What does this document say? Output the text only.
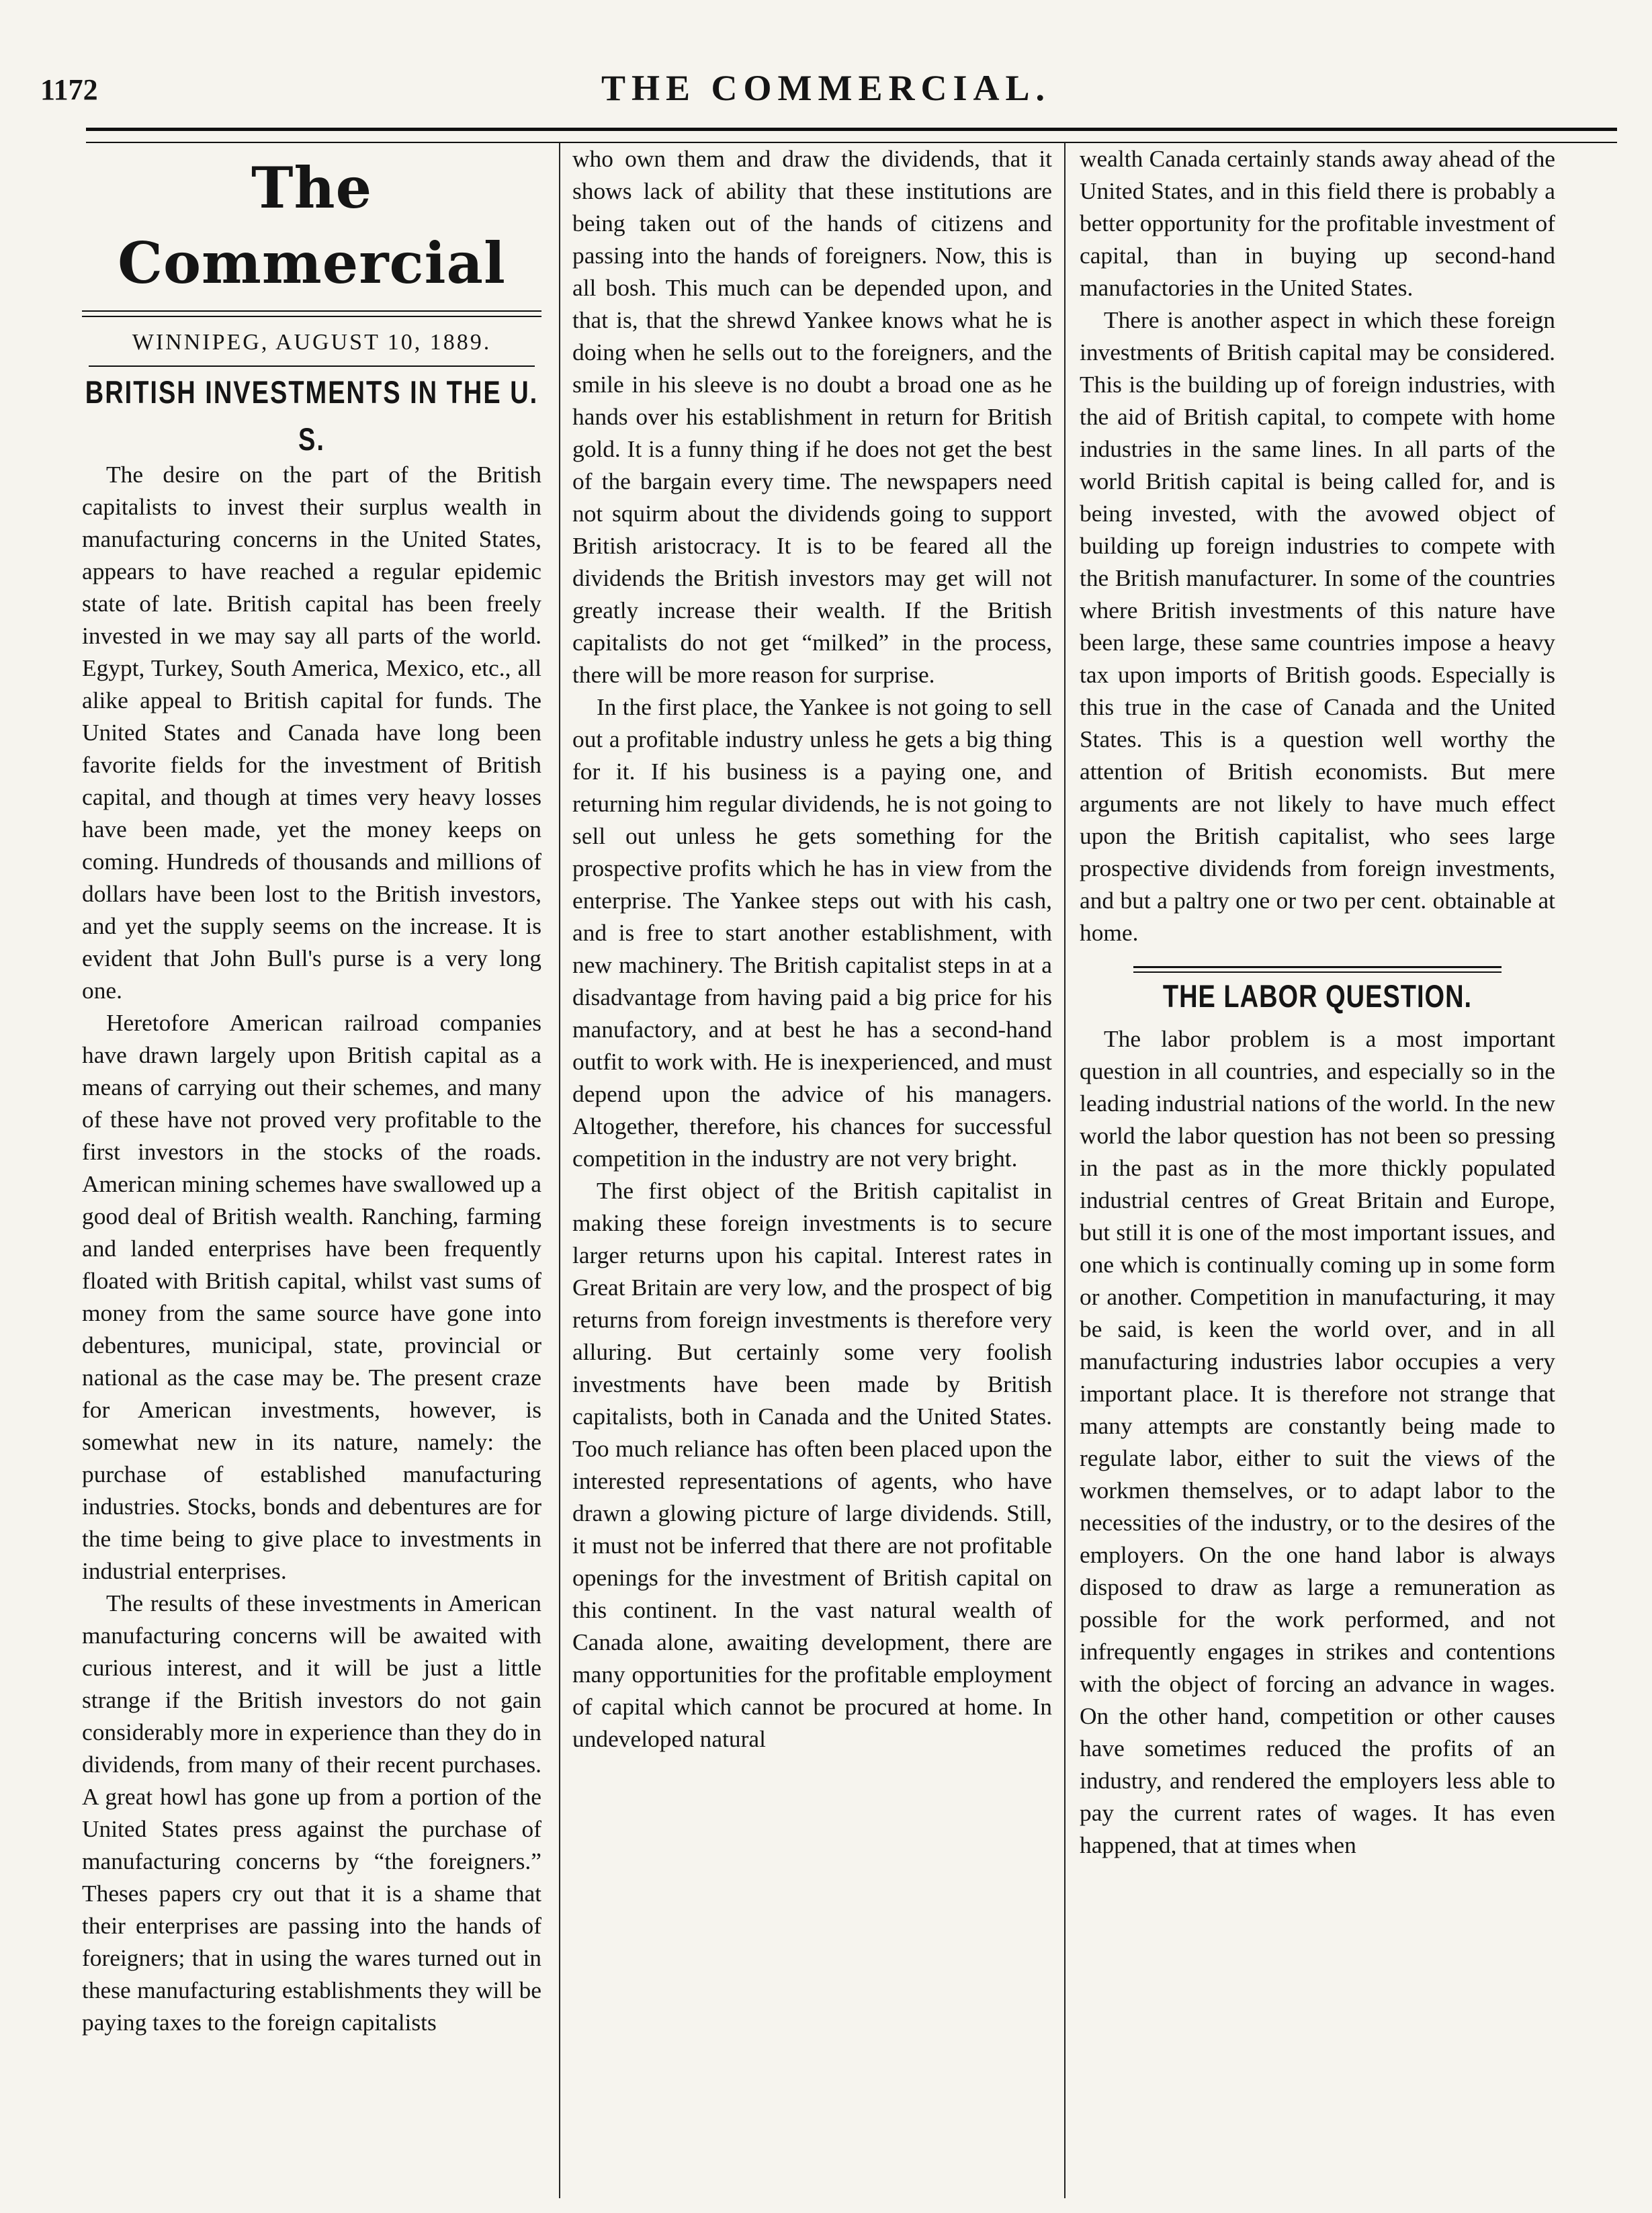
1172	THE COMMERCIAL.
The Commercial
WINNIPEG, AUGUST 10, 1889.
BRITISH INVESTMENTS IN THE U. S.

The desire on the part of the British capitalists to invest their surplus wealth in manufacturing concerns in the United States, appears to have reached a regular epidemic state of late. British capital has been freely invested in we may say all parts of the world. Egypt, Turkey, South America, Mexico, etc., all alike appeal to British capital for funds. The United States and Canada have long been favorite fields for the investment of British capital, and though at times very heavy losses have been made, yet the money keeps on coming. Hundreds of thousands and millions of dollars have been lost to the British investors, and yet the supply seems on the increase. It is evident that John Bull's purse is a very long one.

Heretofore American railroad companies have drawn largely upon British capital as a means of carrying out their schemes, and many of these have not proved very profitable to the first investors in the stocks of the roads. American mining schemes have swallowed up a good deal of British wealth. Ranching, farming and landed enterprises have been frequently floated with British capital, whilst vast sums of money from the same source have gone into debentures, municipal, state, provincial or national as the case may be. The present craze for American investments, however, is somewhat new in its nature, namely: the purchase of established manufacturing industries. Stocks, bonds and debentures are for the time being to give place to investments in industrial enterprises.

The results of these investments in American manufacturing concerns will be awaited with curious interest, and it will be just a little strange if the British investors do not gain considerably more in experience than they do in dividends, from many of their recent purchases. A great howl has gone up from a portion of the United States press against the purchase of manufacturing concerns by “the foreigners.” Theses papers cry out that it is a shame that their enterprises are passing into the hands of foreigners; that in using the wares turned out in these manufacturing establishments they will be paying taxes to the foreign capitalists

who own them and draw the dividends, that it shows lack of ability that these institutions are being taken out of the hands of citizens and passing into the hands of foreigners. Now, this is all bosh. This much can be depended upon, and that is, that the shrewd Yankee knows what he is doing when he sells out to the foreigners, and the smile in his sleeve is no doubt a broad one as he hands over his establishment in return for British gold. It is a funny thing if he does not get the best of the bargain every time. The newspapers need not squirm about the dividends going to support British aristocracy. It is to be feared all the dividends the British investors may get will not greatly increase their wealth. If the British capitalists do not get “milked” in the process, there will be more reason for surprise.

In the first place, the Yankee is not going to sell out a profitable industry unless he gets a big thing for it. If his business is a paying one, and returning him regular dividends, he is not going to sell out unless he gets something for the prospective profits which he has in view from the enterprise. The Yankee steps out with his cash, and is free to start another establishment, with new machinery. The British capitalist steps in at a disadvantage from having paid a big price for his manufactory, and at best he has a second-hand outfit to work with. He is inexperienced, and must depend upon the advice of his managers. Altogether, therefore, his chances for successful competition in the industry are not very bright.

The first object of the British capitalist in making these foreign investments is to secure larger returns upon his capital. Interest rates in Great Britain are very low, and the prospect of big returns from foreign investments is therefore very alluring. But certainly some very foolish investments have been made by British capitalists, both in Canada and the United States. Too much reliance has often been placed upon the interested representations of agents, who have drawn a glowing picture of large dividends. Still, it must not be inferred that there are not profitable openings for the investment of British capital on this continent. In the vast natural wealth of Canada alone, awaiting development, there are many opportunities for the profitable employment of capital which cannot be procured at home. In undeveloped natural

wealth Canada certainly stands away ahead of the United States, and in this field there is probably a better opportunity for the profitable investment of capital, than in buying up second-hand manufactories in the United States.

There is another aspect in which these foreign investments of British capital may be considered. This is the building up of foreign industries, with the aid of British capital, to compete with home industries in the same lines. In all parts of the world British capital is being called for, and is being invested, with the avowed object of building up foreign industries to compete with the British manufacturer. In some of the countries where British investments of this nature have been large, these same countries impose a heavy tax upon imports of British goods. Especially is this true in the case of Canada and the United States. This is a question well worthy the attention of British economists. But mere arguments are not likely to have much effect upon the British capitalist, who sees large prospective dividends from foreign investments, and but a paltry one or two per cent. obtainable at home.

THE LABOR QUESTION.

The labor problem is a most important question in all countries, and especially so in the leading industrial nations of the world. In the new world the labor question has not been so pressing in the past as in the more thickly populated industrial centres of Great Britain and Europe, but still it is one of the most important issues, and one which is continually coming up in some form or another. Competition in manufacturing, it may be said, is keen the world over, and in all manufacturing industries labor occupies a very important place. It is therefore not strange that many attempts are constantly being made to regulate labor, either to suit the views of the workmen themselves, or to adapt labor to the necessities of the industry, or to the desires of the employers. On the one hand labor is always disposed to draw as large a remuneration as possible for the work performed, and not infrequently engages in strikes and contentions with the object of forcing an advance in wages. On the other hand, competition or other causes have sometimes reduced the profits of an industry, and rendered the employers less able to pay the current rates of wages. It has even happened, that at times when
